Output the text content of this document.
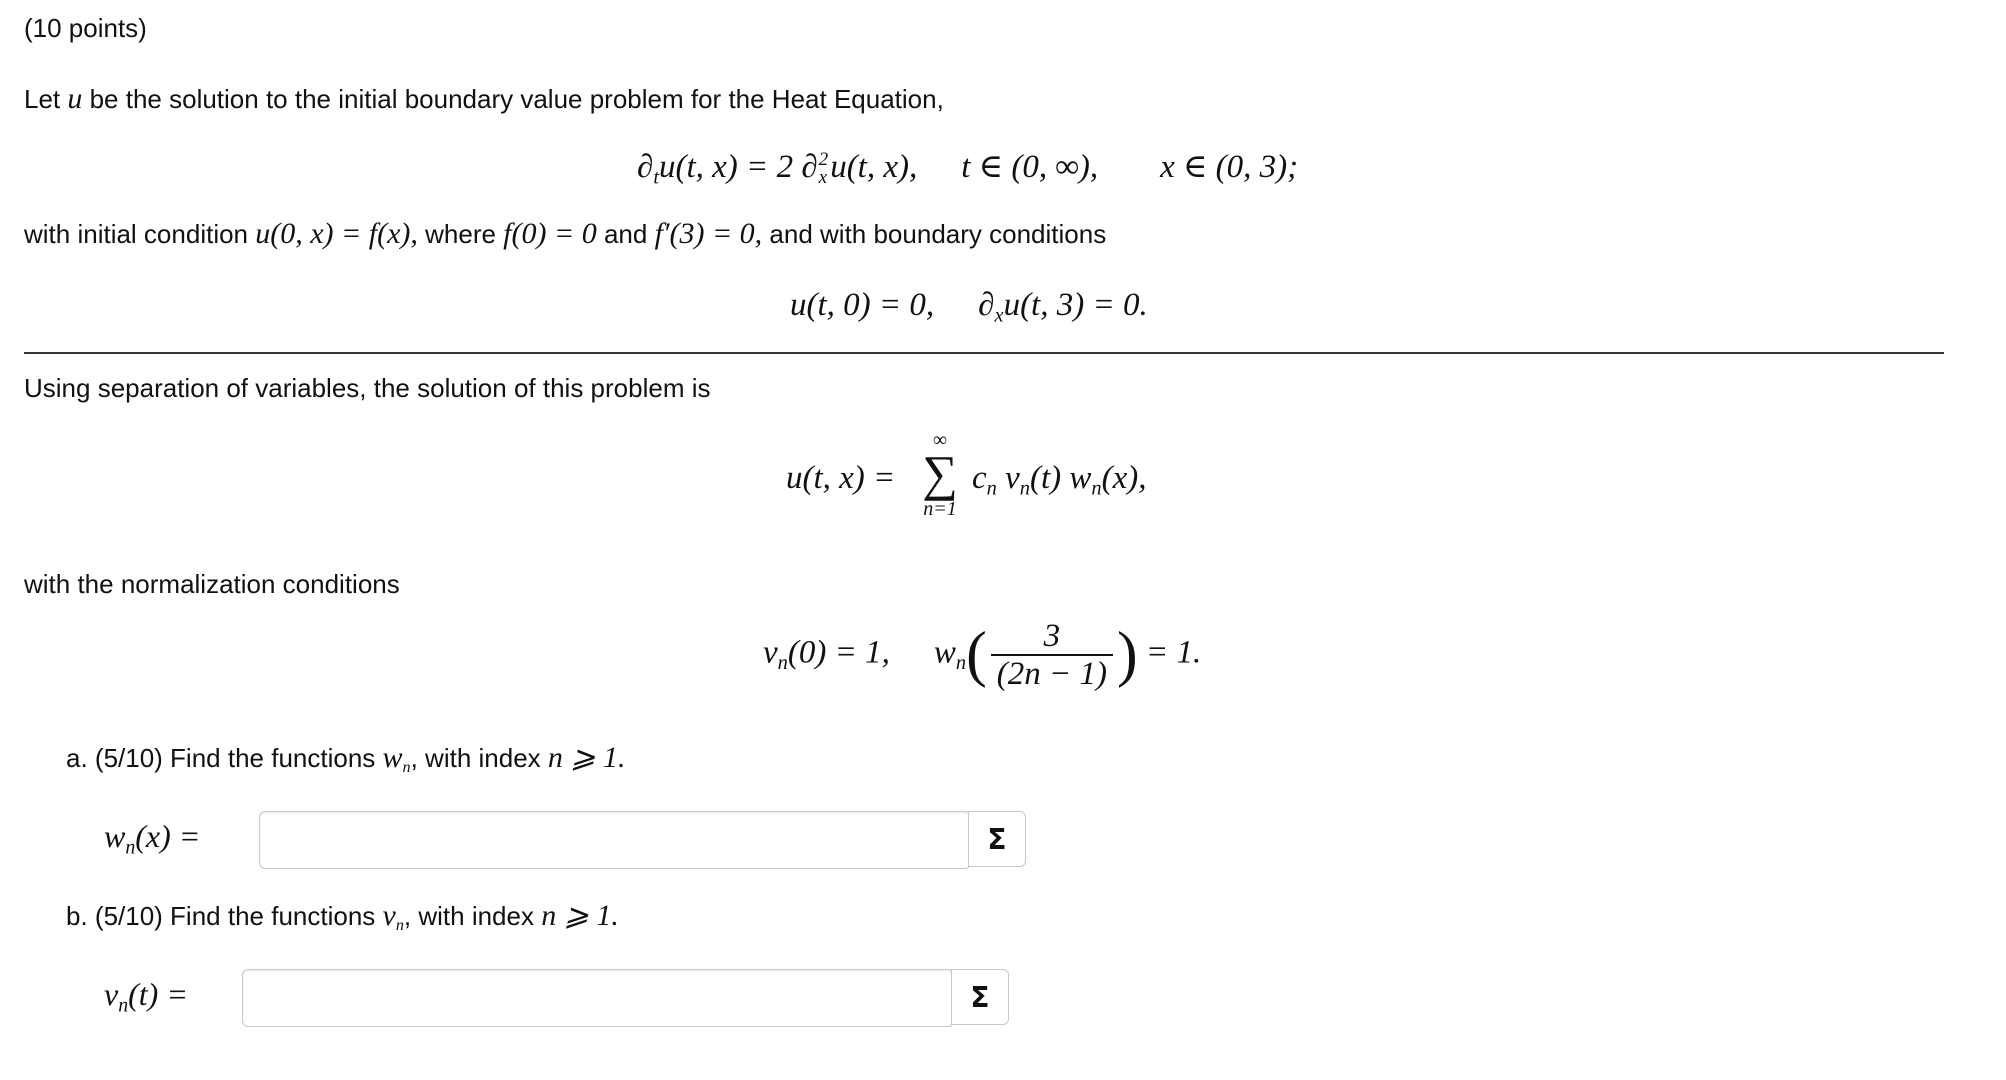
(10 points)
Let u be the solution to the initial boundary value problem for the Heat Equation,
$\partial_tu(t$, x) = 2 ∂ 2
x u(t, x), t ∈ (0, ∞), x ∈ (0, 3);
with initial condition u(0, x) = f(x), where f(0) = 0 and f′(3) = 0, and with boundary conditions
u(t, 0) = 0, $\partial_xu(t$, 3) = 0.
Using separation of variables, the solution of this problem is
u(t, x) =
∞
∑
n=1
$c_n$ $v_n(t)$ $w_n(x)$,
with the normalization conditions
$v_n(0) = 1$, $w_n( \frac{3}{(2n - 1)}$ ) = 1.
a. (5/10) Find the functions $w_n$, with index n ⩾ 1.
$w_n(x)$ =	Σ
b. (5/10) Find the functions $v_n$, with index n ⩾ 1.
$v_n(t)$ =	Σ
